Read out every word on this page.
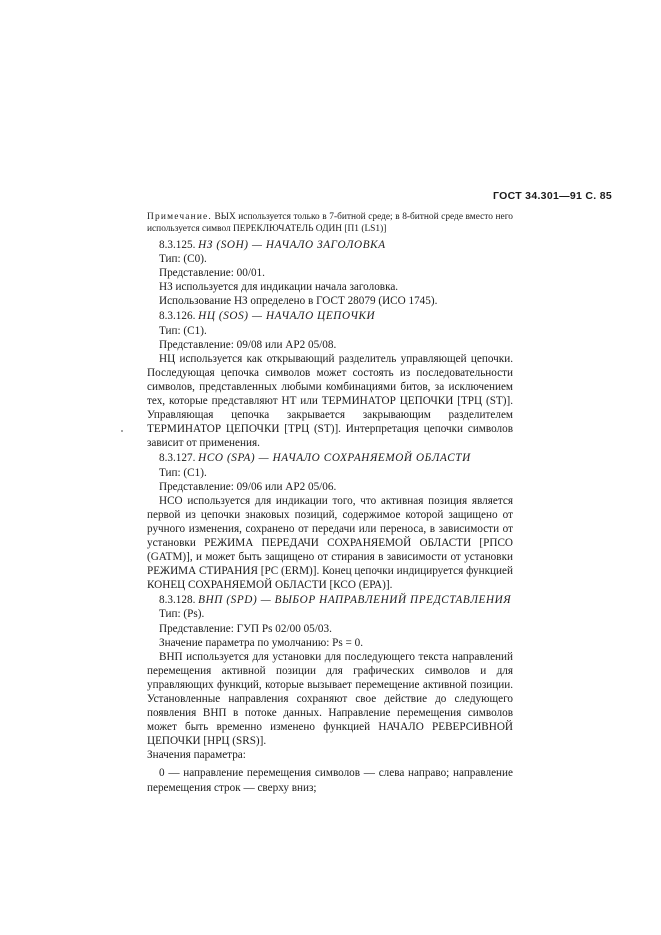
ГОСТ 34.301—91 С. 85

Примечание. ВЫХ используется только в 7-битной среде; в 8-битной среде вместо него используется символ ПЕРЕКЛЮЧАТЕЛЬ ОДИН [П1 (LS1)]

8.3.125. НЗ (SOH) — НАЧАЛО ЗАГОЛОВКА

Тип: (С0).

Представление: 00/01.

НЗ используется для индикации начала заголовка.

Использование НЗ определено в ГОСТ 28079 (ИСО 1745).

8.3.126. НЦ (SOS) — НАЧАЛО ЦЕПОЧКИ

Тип: (С1).

Представление: 09/08 или АР2 05/08.

НЦ используется как открывающий разделитель управляющей цепочки. Последующая цепочка символов может состоять из последовательности символов, представленных любыми комбинациями битов, за исключением тех, которые представляют НТ или ТЕРМИНАТОР ЦЕПОЧКИ [ТРЦ (ST)]. Управляющая цепочка закрывается закрывающим разделителем ТЕРМИНАТОР ЦЕПОЧКИ [ТРЦ (ST)]. Интерпретация цепочки символов зависит от применения.

8.3.127. НСО (SPA) — НАЧАЛО СОХРАНЯЕМОЙ ОБЛАСТИ

Тип: (С1).

Представление: 09/06 или АР2 05/06.

НСО используется для индикации того, что активная позиция является первой из цепочки знаковых позиций, содержимое которой защищено от ручного изменения, сохранено от передачи или переноса, в зависимости от установки РЕЖИМА ПЕРЕДАЧИ СОХРАНЯЕМОЙ ОБЛАСТИ [РПСО (GATM)], и может быть защищено от стирания в зависимости от установки РЕЖИМА СТИРАНИЯ [PC (ERM)]. Конец цепочки индицируется функцией КОНЕЦ СОХРАНЯЕМОЙ ОБЛАСТИ [КСО (ЕРА)].

8.3.128. ВНП (SPD) — ВЫБОР НАПРАВЛЕНИЙ ПРЕДСТАВЛЕНИЯ

Тип: (Ps).

Представление: ГУП Ps 02/00 05/03.

Значение параметра по умолчанию: Ps = 0.

ВНП используется для установки для последующего текста направлений перемещения активной позиции для графических символов и для управляющих функций, которые вызывает перемещение активной позиции. Установленные направления сохраняют свое действие до следующего появления ВНП в потоке данных. Направление перемещения символов может быть временно изменено функцией НАЧАЛО РЕВЕРСИВНОЙ ЦЕПОЧКИ [НРЦ (SRS)].

Значения параметра:

0 — направление перемещения символов — слева направо; направление перемещения строк — сверху вниз;
